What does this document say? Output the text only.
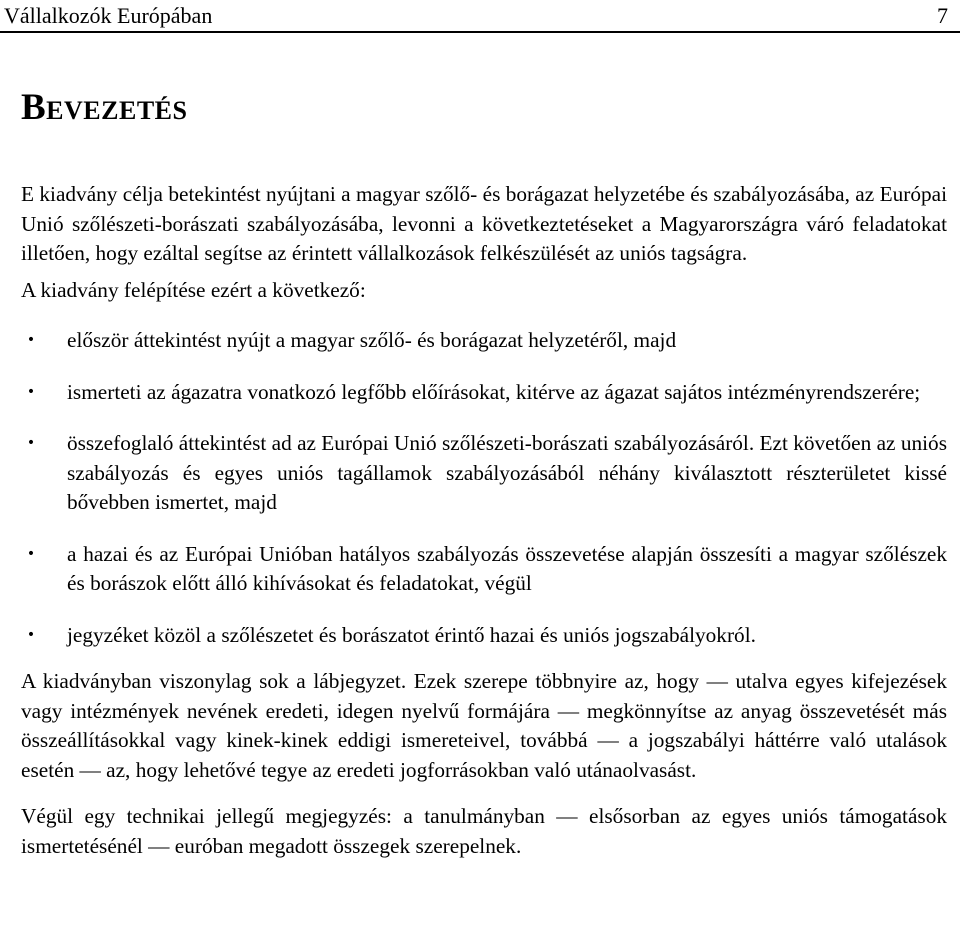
Vállalkozók Európában	7
Bevezetés

E kiadvány célja betekintést nyújtani a magyar szőlő- és borágazat helyzetébe és szabályozásába, az Európai Unió szőlészeti-borászati szabályozásába, levonni a következtetéseket a Magyarországra váró feladatokat illetően, hogy ezáltal segítse az érintett vállalkozások felkészülését az uniós tagságra.

A kiadvány felépítése ezért a következő:

• először áttekintést nyújt a magyar szőlő- és borágazat helyzetéről, majd
• ismerteti az ágazatra vonatkozó legfőbb előírásokat, kitérve az ágazat sajátos intézményrendszerére;
• összefoglaló áttekintést ad az Európai Unió szőlészeti-borászati szabályozásáról. Ezt követően az uniós szabályozás és egyes uniós tagállamok szabályozásából néhány kiválasztott részterületet kissé bővebben ismertet, majd
• a hazai és az Európai Unióban hatályos szabályozás összevetése alapján összesíti a magyar szőlészek és borászok előtt álló kihívásokat és feladatokat, végül
• jegyzéket közöl a szőlészetet és borászatot érintő hazai és uniós jogszabályokról.

A kiadványban viszonylag sok a lábjegyzet. Ezek szerepe többnyire az, hogy — utalva egyes kifejezések vagy intézmények nevének eredeti, idegen nyelvű formájára — megkönnyítse az anyag összevetését más összeállításokkal vagy kinek-kinek eddigi ismereteivel, továbbá — a jogszabályi háttérre való utalások esetén — az, hogy lehetővé tegye az eredeti jogforrásokban való utánaolvasást.

Végül egy technikai jellegű megjegyzés: a tanulmányban — elsősorban az egyes uniós támogatások ismertetésénél — euróban megadott összegek szerepelnek.
